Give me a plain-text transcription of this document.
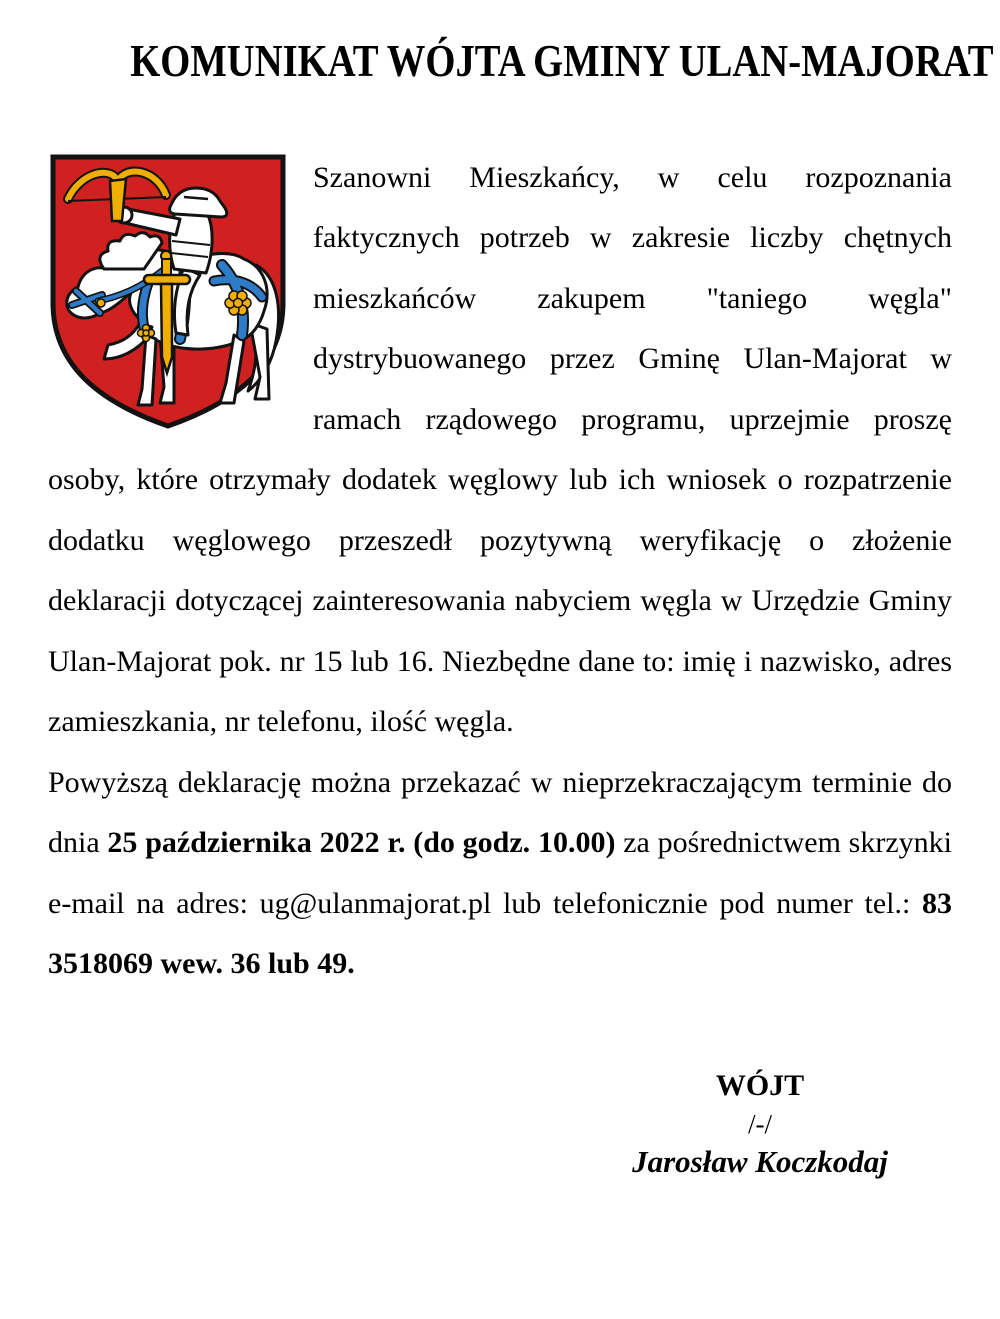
KOMUNIKAT WÓJTA GMINY ULAN-MAJORAT

Szanowni Mieszkańcy, w celu rozpoznania faktycznych potrzeb w zakresie liczby chętnych mieszkańców zakupem "taniego węgla" dystrybuowanego przez Gminę Ulan-Majorat w ramach rządowego programu, uprzejmie proszę osoby, które otrzymały dodatek węglowy lub ich wniosek o rozpatrzenie dodatku węglowego przeszedł pozytywną weryfikację o złożenie deklaracji dotyczącej zainteresowania nabyciem węgla w Urzędzie Gminy Ulan-Majorat pok. nr 15 lub 16. Niezbędne dane to: imię i nazwisko, adres zamieszkania, nr telefonu, ilość węgla.

Powyższą deklarację można przekazać w nieprzekraczającym terminie do dnia 25 października 2022 r. (do godz. 10.00) za pośrednictwem skrzynki e-mail na adres: ug@ulanmajorat.pl lub telefonicznie pod numer tel.: 83 3518069 wew. 36 lub 49.

WÓJT
/-/
Jarosław Koczkodaj
